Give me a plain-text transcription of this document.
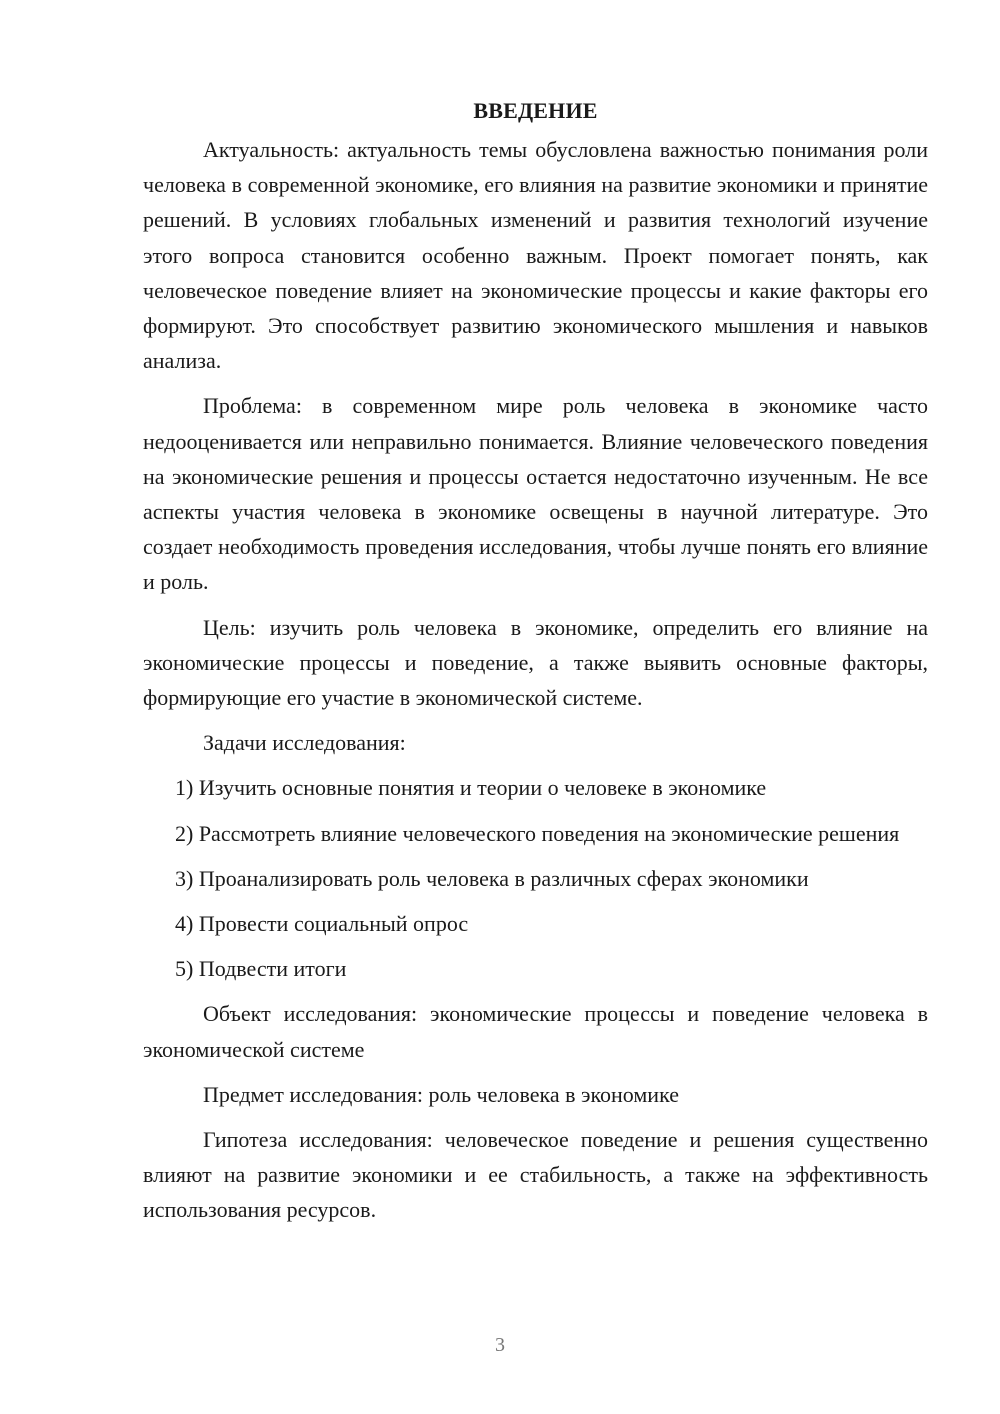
ВВЕДЕНИЕ

Актуальность: актуальность темы обусловлена важностью понимания роли человека в современной экономике, его влияния на развитие экономики и принятие решений. В условиях глобальных изменений и развития технологий изучение этого вопроса становится особенно важным. Проект помогает понять, как человеческое поведение влияет на экономические процессы и какие факторы его формируют. Это способствует развитию экономического мышления и навыков анализа.

Проблема: в современном мире роль человека в экономике часто недооценивается или неправильно понимается. Влияние человеческого поведения на экономические решения и процессы остается недостаточно изученным. Не все аспекты участия человека в экономике освещены в научной литературе. Это создает необходимость проведения исследования, чтобы лучше понять его влияние и роль.

Цель: изучить роль человека в экономике, определить его влияние на экономические процессы и поведение, а также выявить основные факторы, формирующие его участие в экономической системе.

Задачи исследования:

1) Изучить основные понятия и теории о человеке в экономике

2) Рассмотреть влияние человеческого поведения на экономические решения

3) Проанализировать роль человека в различных сферах экономики

4) Провести социальный опрос

5) Подвести итоги

Объект исследования: экономические процессы и поведение человека в экономической системе

Предмет исследования: роль человека в экономике

Гипотеза исследования: человеческое поведение и решения существенно влияют на развитие экономики и ее стабильность, а также на эффективность использования ресурсов.

3
